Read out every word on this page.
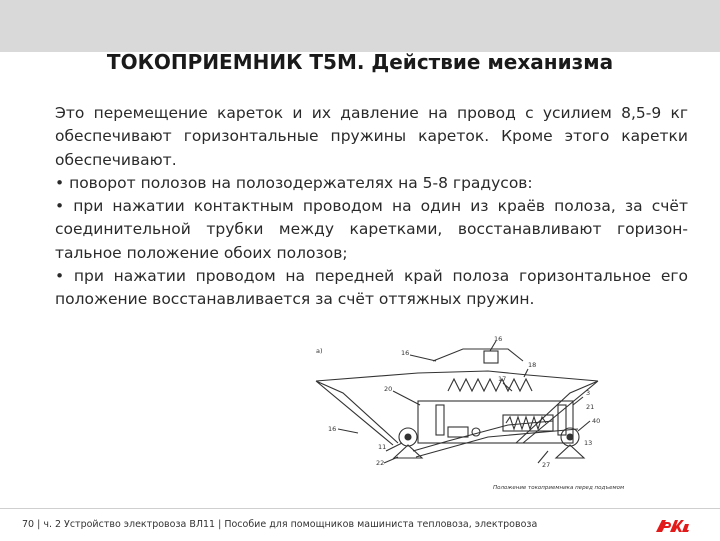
ТОКОПРИЕМНИК Т5М. Действие механизма

Это перемещение кареток и их давление на провод с усилием 8,5-9 кг обеспечивают горизонтальные пружины кареток. Кроме этого каретки обеспечивают.

• поворот полозов на полозодержателях на 5-8 градусов:

• при нажатии контактным проводом на один из краёв полоза, за счёт соединительной трубки между каретками, восстанавливают горизон-тальное положение обоих полозов;

• при нажатии проводом на передней край полоза горизонтальное его положение восстанавливается за счёт оттяжных пружин.

а)	16
16
17
18
20	3
21
16
11
22
40
13
27
Положение токоприемника перед подъемом
70 | ч. 2 Устройство электровоза ВЛ11 | Пособие для помощников машиниста тепловоза, электровоза
